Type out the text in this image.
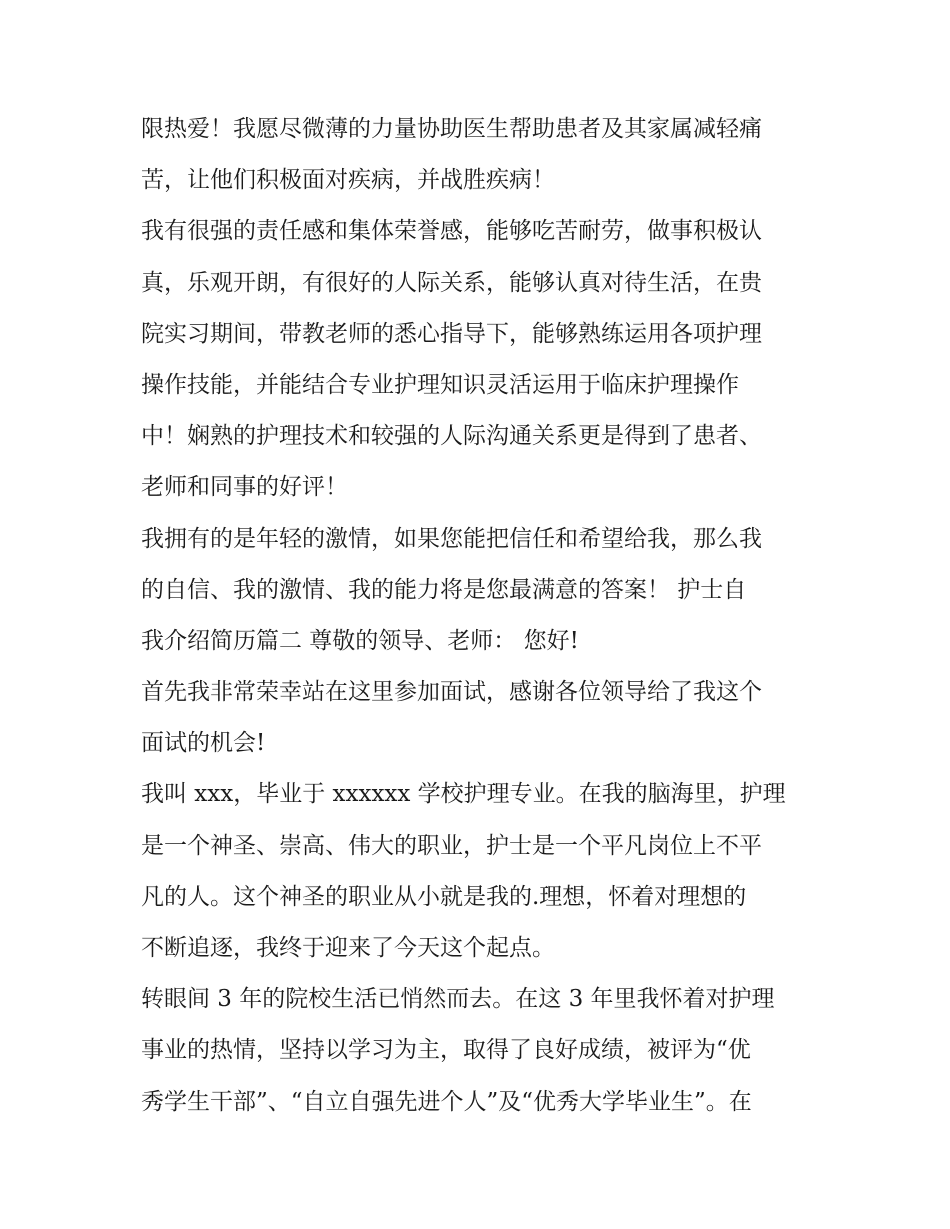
限热爱！我愿尽微薄的力量协助医生帮助患者及其家属减轻痛
苦，让他们积极面对疾病，并战胜疾病！
我有很强的责任感和集体荣誉感，能够吃苦耐劳，做事积极认
真，乐观开朗，有很好的人际关系，能够认真对待生活，在贵
院实习期间，带教老师的悉心指导下，能够熟练运用各项护理
操作技能，并能结合专业护理知识灵活运用于临床护理操作
中！娴熟的护理技术和较强的人际沟通关系更是得到了患者、
老师和同事的好评！
我拥有的是年轻的激情，如果您能把信任和希望给我，那么我
的自信、我的激情、我的能力将是您最满意的答案！ 护士自
我介绍简历篇二 尊敬的领导、老师： 您好!
首先我非常荣幸站在这里参加面试，感谢各位领导给了我这个
面试的机会!
我叫 xxx，毕业于 xxxxxx 学校护理专业。在我的脑海里，护理
是一个神圣、崇高、伟大的职业，护士是一个平凡岗位上不平
凡的人。这个神圣的职业从小就是我的.理想，怀着对理想的
不断追逐，我终于迎来了今天这个起点。
转眼间 3 年的院校生活已悄然而去。在这 3 年里我怀着对护理
事业的热情，坚持以学习为主，取得了良好成绩，被评为“优
秀学生干部”、“自立自强先进个人”及“优秀大学毕业生”。在
